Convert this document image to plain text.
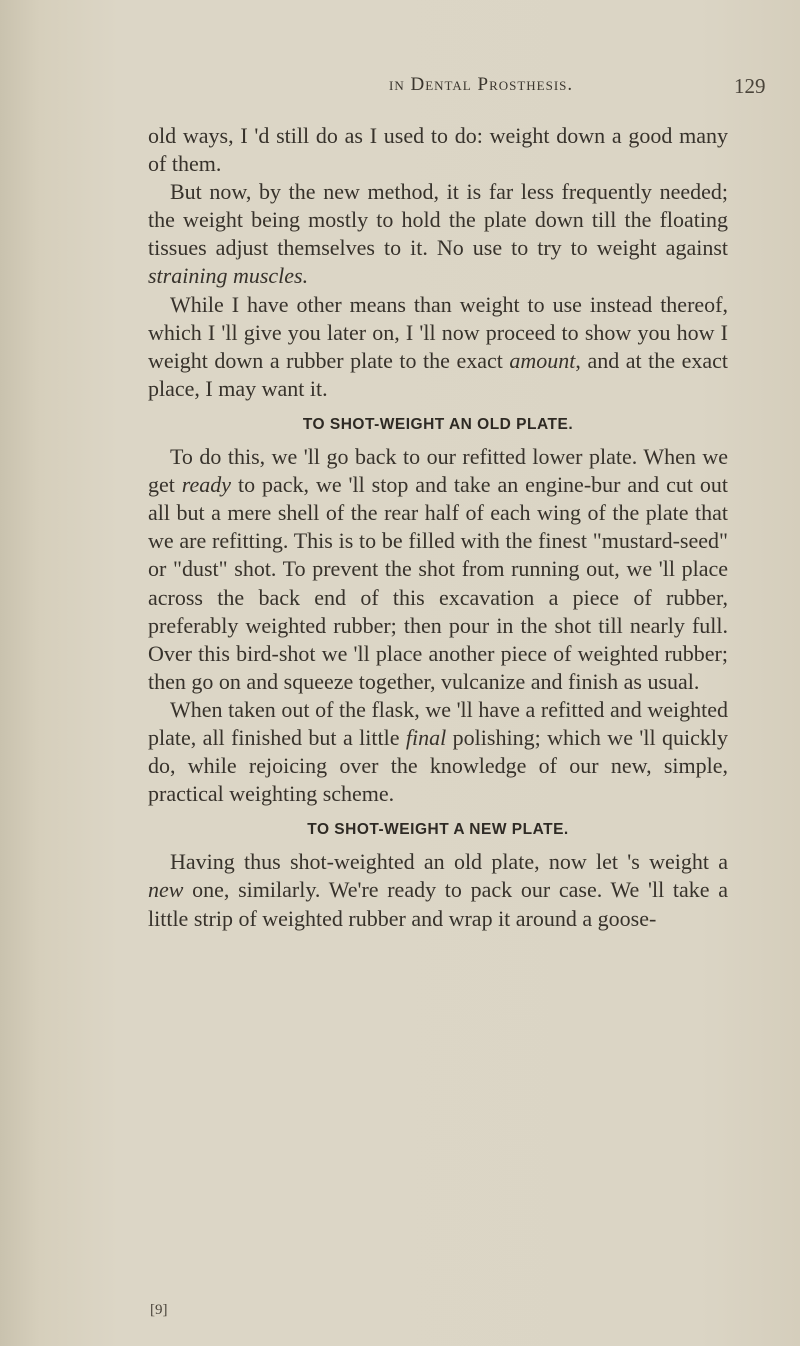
in Dental Prosthesis.	129

old ways, I 'd still do as I used to do: weight down a good many of them.

But now, by the new method, it is far less frequently needed; the weight being mostly to hold the plate down till the floating tissues adjust themselves to it. No use to try to weight against straining muscles.

While I have other means than weight to use instead thereof, which I 'll give you later on, I 'll now proceed to show you how I weight down a rubber plate to the exact amount, and at the exact place, I may want it.

TO SHOT-WEIGHT AN OLD PLATE.

To do this, we 'll go back to our refitted lower plate. When we get ready to pack, we 'll stop and take an engine-bur and cut out all but a mere shell of the rear half of each wing of the plate that we are refitting. This is to be filled with the finest "mustard-seed" or "dust" shot. To prevent the shot from running out, we 'll place across the back end of this excavation a piece of rubber, preferably weighted rubber; then pour in the shot till nearly full. Over this bird-shot we 'll place another piece of weighted rubber; then go on and squeeze together, vulcanize and finish as usual.

When taken out of the flask, we 'll have a refitted and weighted plate, all finished but a little final polishing; which we 'll quickly do, while rejoicing over the knowledge of our new, simple, practical weighting scheme.

TO SHOT-WEIGHT A NEW PLATE.

Having thus shot-weighted an old plate, now let 's weight a new one, similarly. We're ready to pack our case. We 'll take a little strip of weighted rubber and wrap it around a goose-

[9]
